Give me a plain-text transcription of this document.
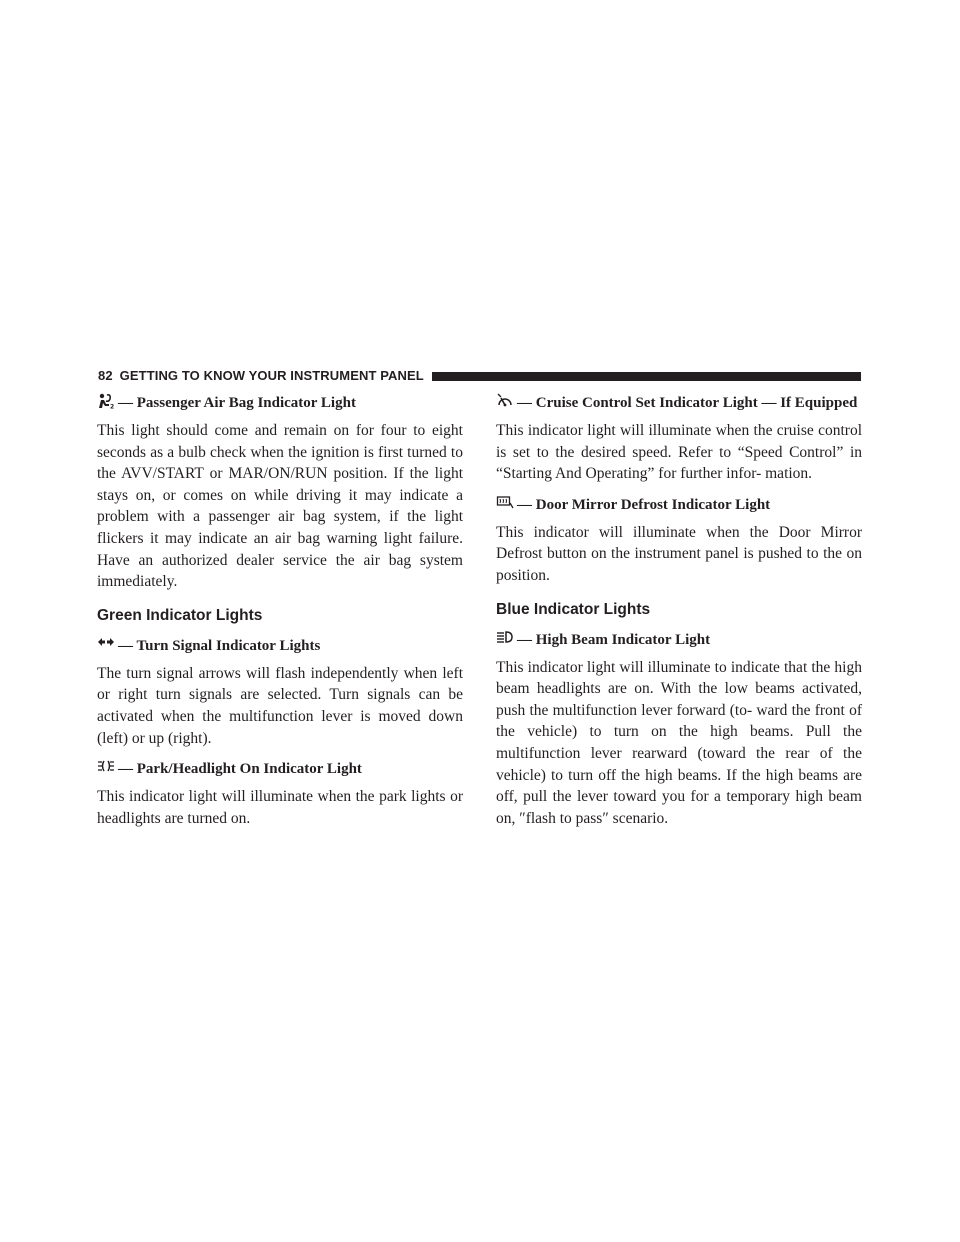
82 GETTING TO KNOW YOUR INSTRUMENT PANEL
2 — Passenger Air Bag Indicator Light

This light should come and remain on for four to eight seconds as a bulb check when the ignition is first turned to the AVV/START or MAR/ON/RUN position. If the light stays on, or comes on while driving it may indicate a problem with a passenger air bag system, if the light flickers it may indicate an air bag warning light failure. Have an authorized dealer service the air bag system immediately.

Green Indicator Lights
— Turn Signal Indicator Lights

The turn signal arrows will flash independently when left or right turn signals are selected. Turn signals can be activated when the multifunction lever is moved down (left) or up (right).

— Park/Headlight On Indicator Light

This indicator light will illuminate when the park lights or headlights are turned on.

— Cruise Control Set Indicator Light — If Equipped

This indicator light will illuminate when the cruise control is set to the desired speed. Refer to “Speed Control” in “Starting And Operating” for further infor- mation.

— Door Mirror Defrost Indicator Light

This indicator will illuminate when the Door Mirror Defrost button on the instrument panel is pushed to the on position.

Blue Indicator Lights
— High Beam Indicator Light

This indicator light will illuminate to indicate that the high beam headlights are on. With the low beams activated, push the multifunction lever forward (to- ward the front of the vehicle) to turn on the high beams. Pull the multifunction lever rearward (toward the rear of the vehicle) to turn off the high beams. If the high beams are off, pull the lever toward you for a temporary high beam on, ″flash to pass″ scenario.
